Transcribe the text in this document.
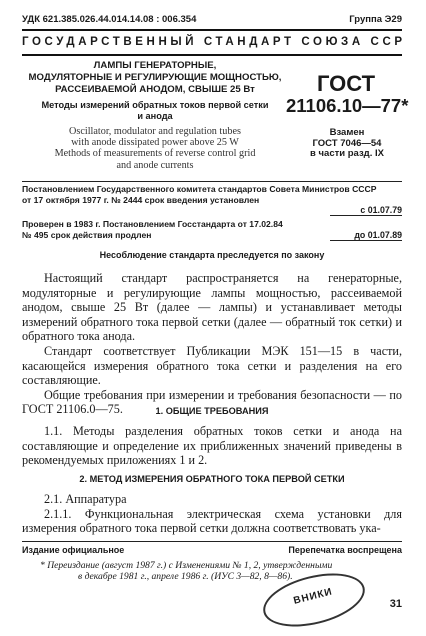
УДК 621.385.026.44.014.14.08 : 006.354	Группа Э29
ГОСУДАРСТВЕННЫЙ СТАНДАРТ СОЮЗА ССР
ЛАМПЫ ГЕНЕРАТОРНЫЕ,
МОДУЛЯТОРНЫЕ И РЕГУЛИРУЮЩИЕ МОЩНОСТЬЮ,
РАССЕИВАЕМОЙ АНОДОМ, СВЫШЕ 25 Вт
Методы измерений обратных токов первой сетки
и анода
Oscillator, modulator and regulation tubes
with anode dissipated power above 25 W
Methods of measurements of reverse control grid
and anode currents
ГОСТ
21106.10—77*
Взамен
ГОСТ 7046—54
в части разд. IX
Постановлением Государственного комитета стандартов Совета Министров СССР
от 17 октября 1977 г. № 2444 срок введения установлен
с 01.07.79
Проверен в 1983 г. Постановлением Госстандарта от 17.02.84
№ 495 срок действия продлен	до 01.07.89
Несоблюдение стандарта преследуется по закону

Настоящий стандарт распространяется на генераторные, модуляторные и регулирующие лампы мощностью, рассеиваемой анодом, свыше 25 Вт (далее — лампы) и устанавливает методы измерений обратного тока первой сетки (далее — обратный ток сетки) и обратного тока анода.

Стандарт соответствует Публикации МЭК 151—15 в части, касающейся измерения обратного тока сетки и разделения на его составляющие.

Общие требования при измерении и требования безопасности — по ГОСТ 21106.0—75.	1. ОБЩИЕ ТРЕБОВАНИЯ

1.1. Методы разделения обратных токов сетки и анода на составляющие и определение их приближенных значений приведены в рекомендуемых приложениях 1 и 2.

2. МЕТОД ИЗМЕРЕНИЯ ОБРАТНОГО ТОКА ПЕРВОЙ СЕТКИ

2.1. Аппаратура

2.1.1. Функциональная электрическая схема установки для измерения обратного тока первой сетки должна соответствовать ука-

Издание официальное	Перепечатка воспрещена
* Переиздание (август 1987 г.) с Изменениями № 1, 2, утвержденными
в декабре 1981 г., апреле 1986 г. (ИУС 3—82, 8—86).
ВНИКИ	31
